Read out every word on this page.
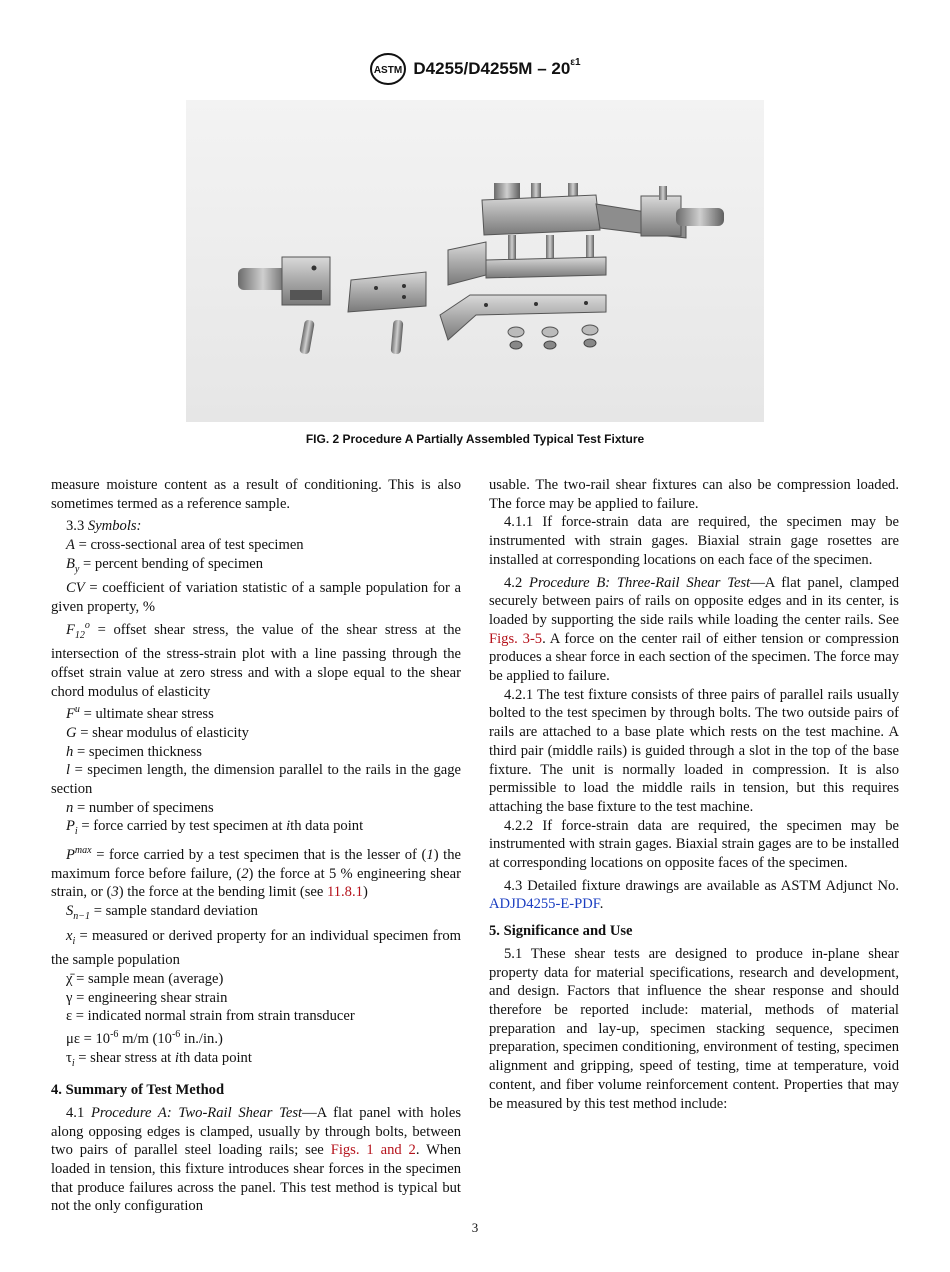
ASTM $D4255/D4255M - 20^{\varepsilon 1}$
FIG. 2 Procedure A Partially Assembled Typical Test Fixture

measure moisture content as a result of conditioning. This is also sometimes termed as a reference sample.

3.3 Symbols:

A = cross-sectional area of test specimen

$B_y$ = percent bending of specimen

CV = coefficient of variation statistic of a sample population for a given property, %

$F_{12}^o$ = offset shear stress, the value of the shear stress at the intersection of the stress-strain plot with a line passing through the offset strain value at zero stress and with a slope equal to the shear chord modulus of elasticity

$F^u$ = ultimate shear stress

G = shear modulus of elasticity

h = specimen thickness

l = specimen length, the dimension parallel to the rails in the gage section

n = number of specimens

$P_i$ = force carried by test specimen at ith data point

$P^{max}$ = force carried by a test specimen that is the lesser of (1) the maximum force before failure, (2) the force at 5 % engineering shear strain, or (3) the force at the bending limit (see 11.8.1)

$S_{n-1}$ = sample standard deviation

$x_i$ = measured or derived property for an individual specimen from the sample population

χ̄ = sample mean (average)

γ = engineering shear strain

ε = indicated normal strain from strain transducer

$\mu\varepsilon = 10^{-6}$ m/m ($10^{-6}$ in./in.)

$\tau_i$ = shear stress at ith data point

4. Summary of Test Method

4.1 Procedure A: Two-Rail Shear Test—A flat panel with holes along opposing edges is clamped, usually by through bolts, between two pairs of parallel steel loading rails; see Figs. 1 and 2. When loaded in tension, this fixture introduces shear forces in the specimen that produce failures across the panel. This test method is typical but not the only configuration

usable. The two-rail shear fixtures can also be compression loaded. The force may be applied to failure.

4.1.1 If force-strain data are required, the specimen may be instrumented with strain gages. Biaxial strain gage rosettes are installed at corresponding locations on each face of the specimen.

4.2 Procedure B: Three-Rail Shear Test—A flat panel, clamped securely between pairs of rails on opposite edges and in its center, is loaded by supporting the side rails while loading the center rails. See Figs. 3-5. A force on the center rail of either tension or compression produces a shear force in each section of the specimen. The force may be applied to failure.

4.2.1 The test fixture consists of three pairs of parallel rails usually bolted to the test specimen by through bolts. The two outside pairs of rails are attached to a base plate which rests on the test machine. A third pair (middle rails) is guided through a slot in the top of the base fixture. The unit is normally loaded in compression. It is also permissible to load the middle rails in tension, but this requires attaching the base fixture to the test machine.

4.2.2 If force-strain data are required, the specimen may be instrumented with strain gages. Biaxial strain gages are to be installed at corresponding locations on opposite faces of the specimen.

4.3 Detailed fixture drawings are available as ASTM Adjunct No. ADJD4255-E-PDF.

5. Significance and Use

5.1 These shear tests are designed to produce in-plane shear property data for material specifications, research and development, and design. Factors that influence the shear response and should therefore be reported include: material, methods of material preparation and lay-up, specimen stacking sequence, specimen preparation, specimen conditioning, environment of testing, specimen alignment and gripping, speed of testing, time at temperature, void content, and fiber volume reinforcement content. Properties that may be measured by this test method include:

3
